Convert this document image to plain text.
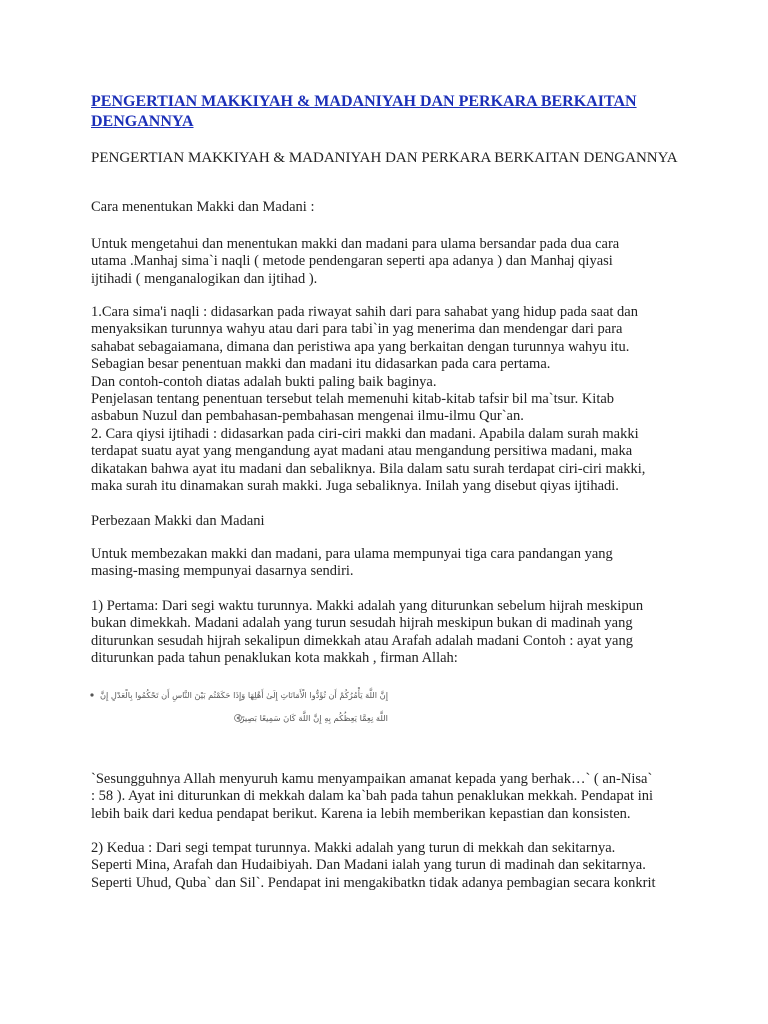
PENGERTIAN MAKKIYAH & MADANIYAH DAN PERKARA BERKAITAN DENGANNYA
PENGERTIAN MAKKIYAH & MADANIYAH DAN PERKARA BERKAITAN DENGANNYA
Cara menentukan Makki dan Madani :
Untuk mengetahui dan menentukan makki dan madani para ulama bersandar pada dua cara
utama .Manhaj sima`i naqli ( metode pendengaran seperti apa adanya ) dan Manhaj qiyasi
ijtihadi ( menganalogikan dan ijtihad ).
1.Cara sima'i naqli : didasarkan pada riwayat sahih dari para sahabat yang hidup pada saat dan
menyaksikan turunnya wahyu atau dari para tabi`in yag menerima dan mendengar dari para
sahabat sebagaiamana, dimana dan peristiwa apa yang berkaitan dengan turunnya wahyu itu.
Sebagian besar penentuan makki dan madani itu didasarkan pada cara pertama.
Dan contoh-contoh diatas adalah bukti paling baik baginya.
Penjelasan tentang penentuan tersebut telah memenuhi kitab-kitab tafsir bil ma`tsur. Kitab
asbabun Nuzul dan pembahasan-pembahasan mengenai ilmu-ilmu Qur`an.
2. Cara qiysi ijtihadi : didasarkan pada ciri-ciri makki dan madani. Apabila dalam surah makki
terdapat suatu ayat yang mengandung ayat madani atau mengandung persitiwa madani, maka
dikatakan bahwa ayat itu madani dan sebaliknya. Bila dalam satu surah terdapat ciri-ciri makki,
maka surah itu dinamakan surah makki. Juga sebaliknya. Inilah yang disebut qiyas ijtihadi.
Perbezaan Makki dan Madani
Untuk membezakan makki dan madani, para ulama mempunyai tiga cara pandangan yang
masing-masing mempunyai dasarnya sendiri.
1) Pertama: Dari segi waktu turunnya. Makki adalah yang diturunkan sebelum hijrah meskipun
bukan dimekkah. Madani adalah yang turun sesudah hijrah meskipun bukan di madinah yang
diturunkan sesudah hijrah sekalipun dimekkah atau Arafah adalah madani Contoh : ayat yang
diturunkan pada tahun penaklukan kota makkah , firman Allah:
إِنَّ اللَّهَ يَأْمُرُكُمْ أَن تُؤَدُّوا الْأَمَانَاتِ إِلَىٰ أَهْلِهَا وَإِذَا حَكَمْتُم بَيْنَ النَّاسِ أَن تَحْكُمُوا بِالْعَدْلِ إِنَّ
اللَّهَ نِعِمَّا يَعِظُكُم بِهِ إِنَّ اللَّهَ كَانَ سَمِيعًا بَصِيرًا
`Sesungguhnya Allah menyuruh kamu menyampaikan amanat kepada yang berhak…` ( an-Nisa`
: 58 ). Ayat ini diturunkan di mekkah dalam ka`bah pada tahun penaklukan mekkah. Pendapat ini
lebih baik dari kedua pendapat berikut. Karena ia lebih memberikan kepastian dan konsisten.
2) Kedua : Dari segi tempat turunnya. Makki adalah yang turun di mekkah dan sekitarnya.
Seperti Mina, Arafah dan Hudaibiyah. Dan Madani ialah yang turun di madinah dan sekitarnya.
Seperti Uhud, Quba` dan Sil`. Pendapat ini mengakibatkn tidak adanya pembagian secara konkrit
